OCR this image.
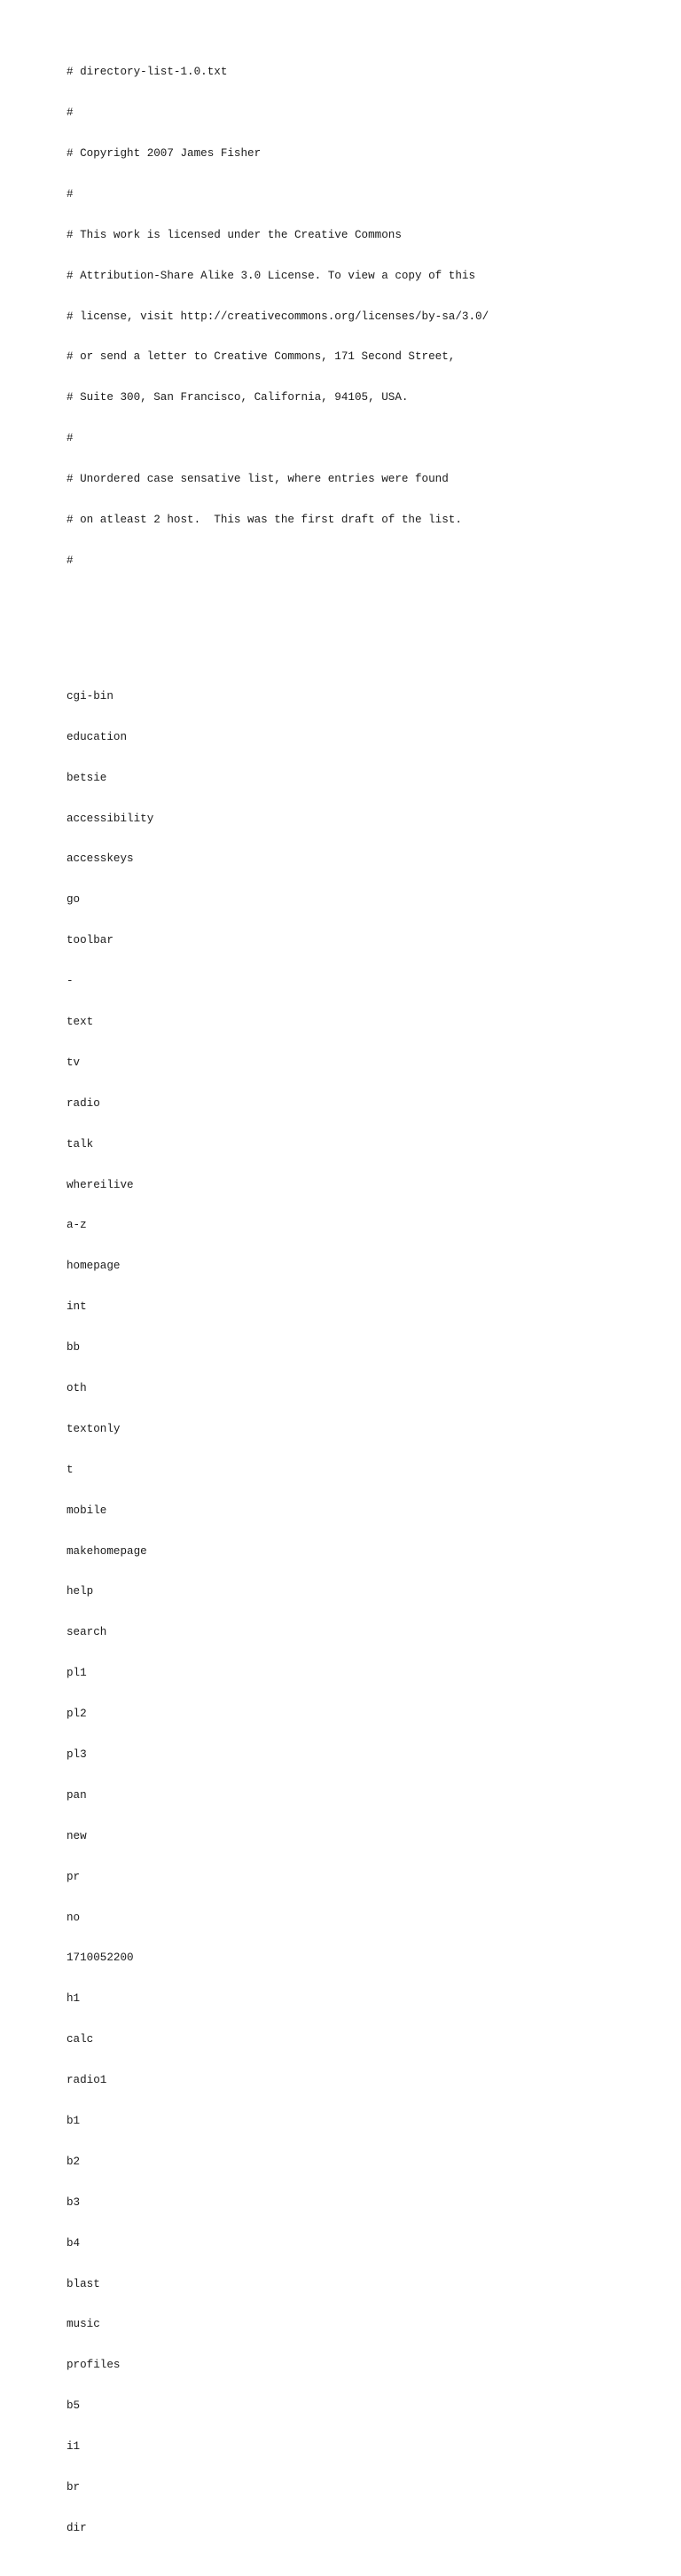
# directory-list-1.0.txt

#

# Copyright 2007 James Fisher

#

# This work is licensed under the Creative Commons

# Attribution-Share Alike 3.0 License. To view a copy of this

# license, visit http://creativecommons.org/licenses/by-sa/3.0/

# or send a letter to Creative Commons, 171 Second Street,

# Suite 300, San Francisco, California, 94105, USA.

#

# Unordered case sensative list, where entries were found

# on atleast 2 host.  This was the first draft of the list.

#

cgi-bin

education

betsie

accessibility

accesskeys

go

toolbar

-

text

tv

radio

talk

whereilive

a-z

homepage

int

bb

oth

textonly

t

mobile

makehomepage

help

search

pl1

pl2

pl3

pan

new

pr

no

1710052200

h1

calc

radio1

b1

b2

b3

b4

blast

music

profiles

b5

i1

br

dir
